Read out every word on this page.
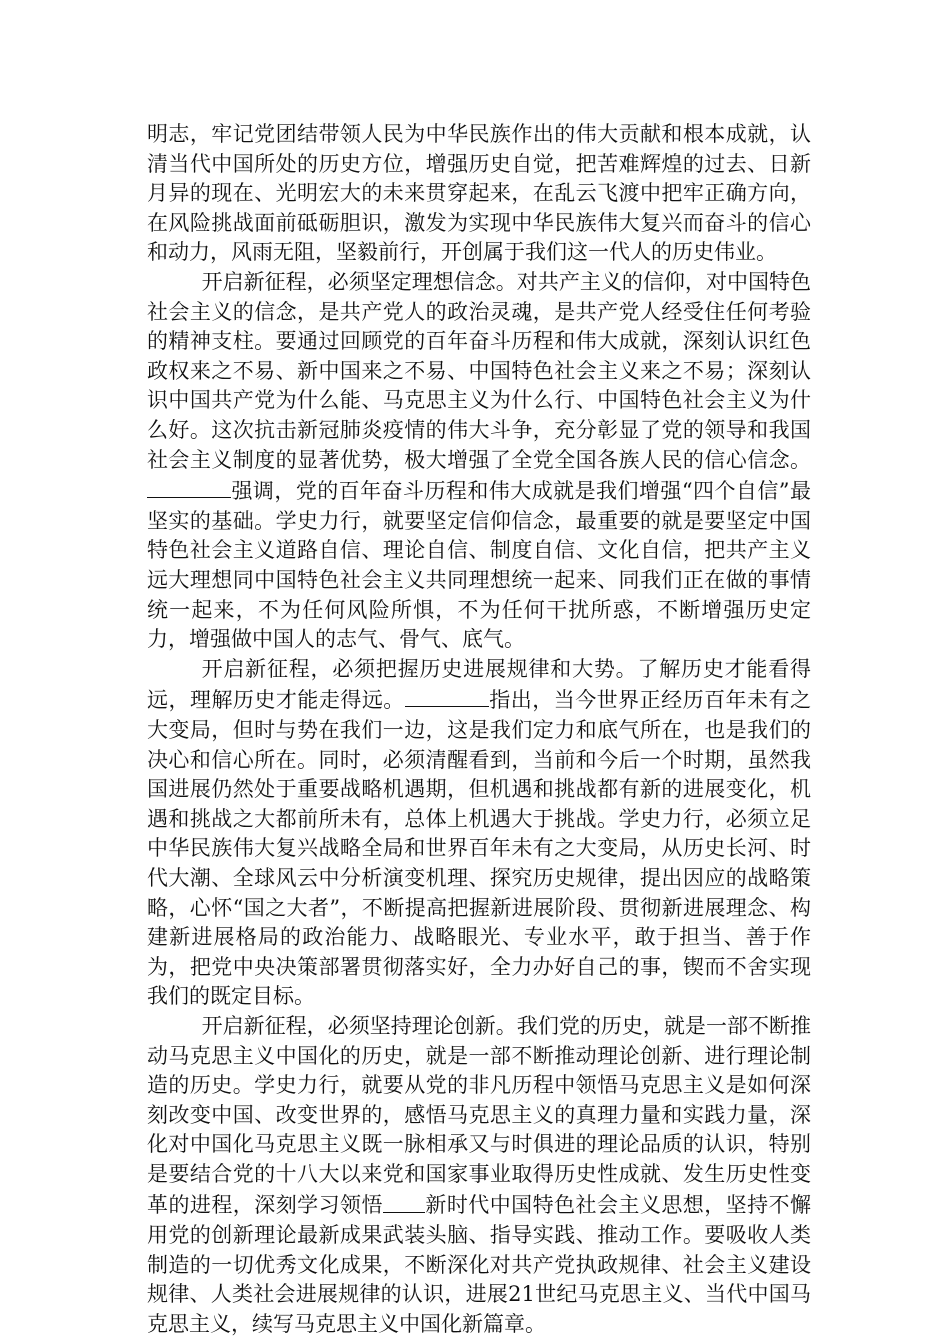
明志，牢记党团结带领人民为中华民族作出的伟大贡献和根本成就，认清当代中国所处的历史方位，增强历史自觉，把苦难辉煌的过去、日新月异的现在、光明宏大的未来贯穿起来，在乱云飞渡中把牢正确方向，在风险挑战面前砥砺胆识，激发为实现中华民族伟大复兴而奋斗的信心和动力，风雨无阻，坚毅前行，开创属于我们这一代人的历史伟业。

开启新征程，必须坚定理想信念。对共产主义的信仰，对中国特色社会主义的信念，是共产党人的政治灵魂，是共产党人经受住任何考验的精神支柱。要通过回顾党的百年奋斗历程和伟大成就，深刻认识红色政权来之不易、新中国来之不易、中国特色社会主义来之不易；深刻认识中国共产党为什么能、马克思主义为什么行、中国特色社会主义为什么好。这次抗击新冠肺炎疫情的伟大斗争，充分彰显了党的领导和我国社会主义制度的显著优势，极大增强了全党全国各族人民的信心信念。强调，党的百年奋斗历程和伟大成就是我们增强“四个自信”最坚实的基础。学史力行，就要坚定信仰信念，最重要的就是要坚定中国特色社会主义道路自信、理论自信、制度自信、文化自信，把共产主义远大理想同中国特色社会主义共同理想统一起来、同我们正在做的事情统一起来，不为任何风险所惧，不为任何干扰所惑，不断增强历史定力，增强做中国人的志气、骨气、底气。

开启新征程，必须把握历史进展规律和大势。了解历史才能看得远，理解历史才能走得远。	指出，当今世界正经历百年未有之大变局，但时与势在我们一边，这是我们定力和底气所在，也是我们的决心和信心所在。同时，必须清醒看到，当前和今后一个时期，虽然我国进展仍然处于重要战略机遇期，但机遇和挑战都有新的进展变化，机遇和挑战之大都前所未有，总体上机遇大于挑战。学史力行，必须立足中华民族伟大复兴战略全局和世界百年未有之大变局，从历史长河、时代大潮、全球风云中分析演变机理、探究历史规律，提出因应的战略策略，心怀“国之大者”，不断提高把握新进展阶段、贯彻新进展理念、构建新进展格局的政治能力、战略眼光、专业水平，敢于担当、善于作为，把党中央决策部署贯彻落实好，全力办好自己的事，锲而不舍实现我们的既定目标。

开启新征程，必须坚持理论创新。我们党的历史，就是一部不断推动马克思主义中国化的历史，就是一部不断推动理论创新、进行理论制造的历史。学史力行，就要从党的非凡历程中领悟马克思主义是如何深刻改变中国、改变世界的，感悟马克思主义的真理力量和实践力量，深化对中国化马克思主义既一脉相承又与时俱进的理论品质的认识，特别是要结合党的十八大以来党和国家事业取得历史性成就、发生历史性变革的进程，深刻学习领悟 新时代中国特色社会主义思想，坚持不懈用党的创新理论最新成果武装头脑、指导实践、推动工作。要吸收人类制造的一切优秀文化成果，不断深化对共产党执政规律、社会主义建设规律、人类社会进展规律的认识，进展21世纪马克思主义、当代中国马克思主义，续写马克思主义中国化新篇章。
